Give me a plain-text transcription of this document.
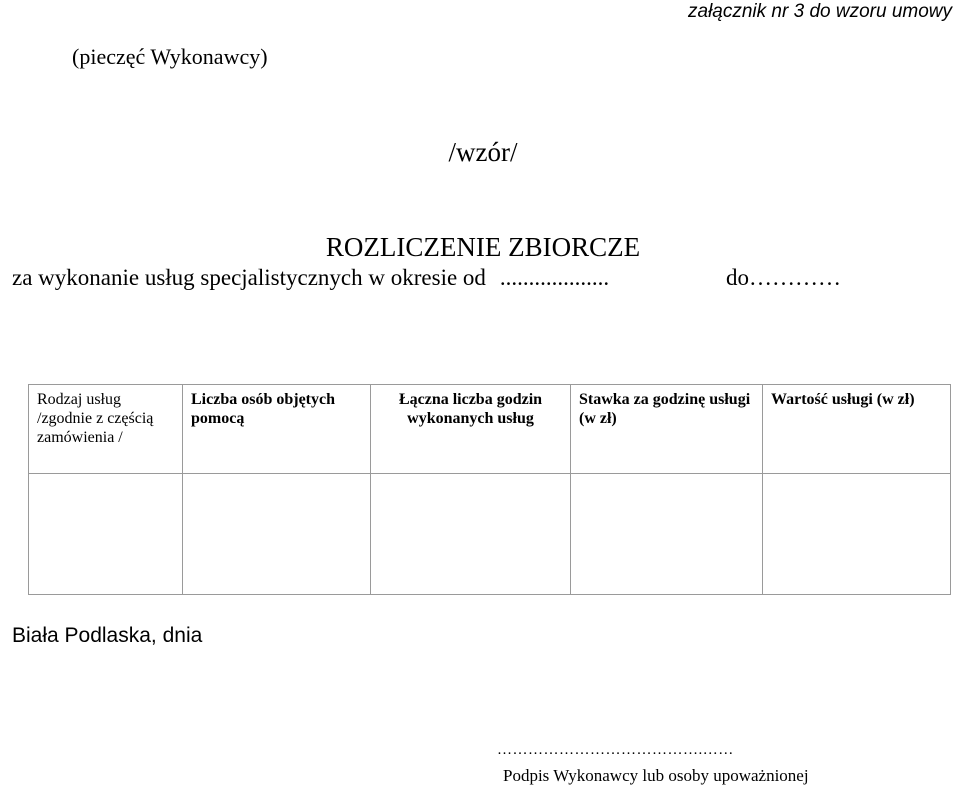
załącznik nr 3 do wzoru umowy
(pieczęć Wykonawcy)
/wzór/
ROZLICZENIE ZBIORCZE
za wykonanie usług specjalistycznych w okresie od ...................	do…………
Rodzaj usług
/zgodnie z częścią
zamówienia /	Liczba osób objętych pomocą	Łączna liczba godzin wykonanych usług	Stawka za godzinę usługi (w zł)	Wartość usługi (w zł)

Biała Podlaska, dnia
………………………………….……
Podpis Wykonawcy lub osoby upoważnionej
